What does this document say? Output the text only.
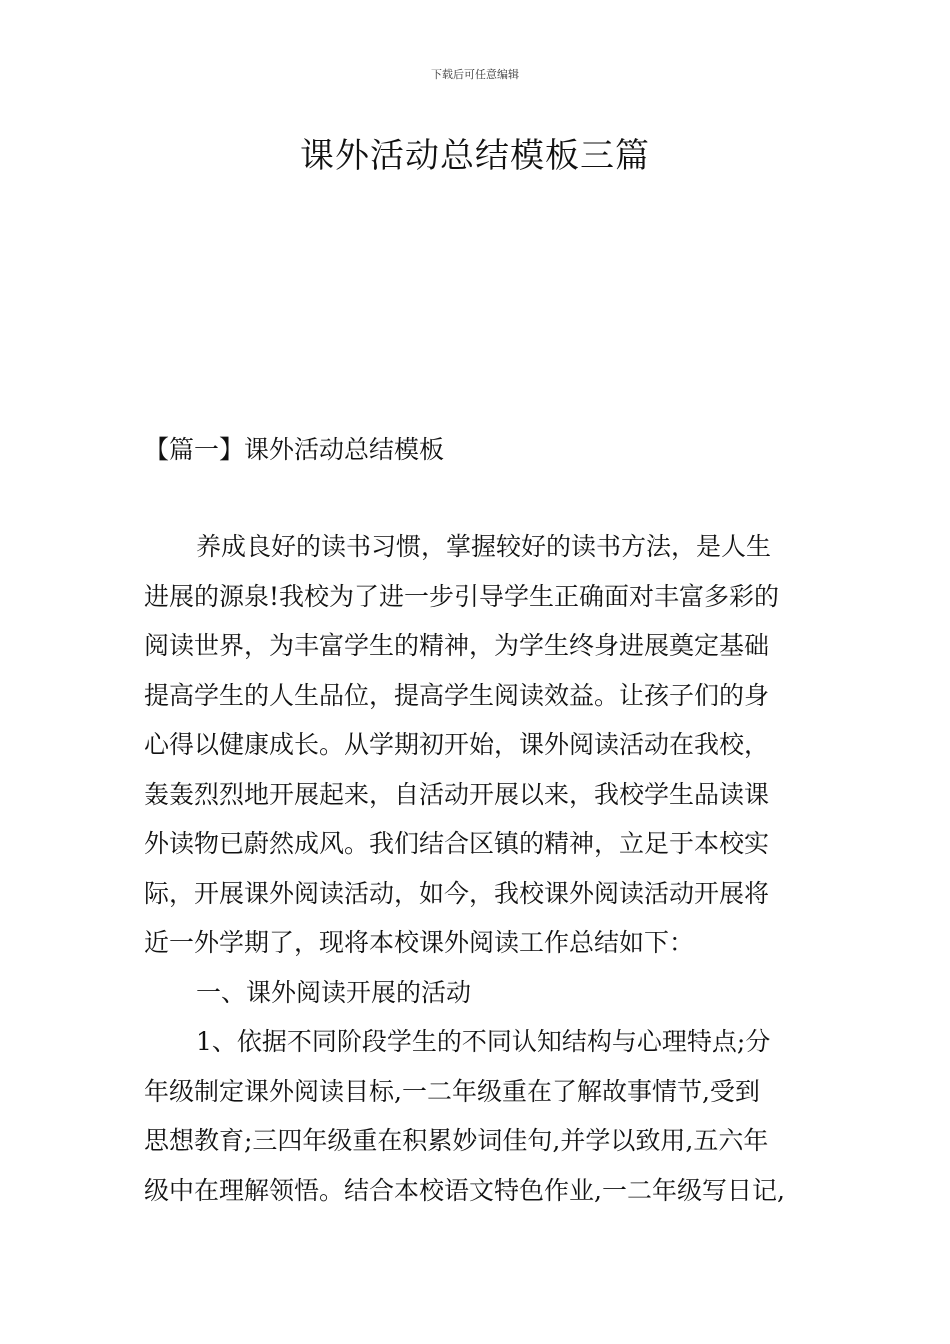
下载后可任意编辑
课外活动总结模板三篇
【篇一】课外活动总结模板
养成良好的读书习惯，掌握较好的读书方法，是人生
进展的源泉!我校为了进一步引导学生正确面对丰富多彩的
阅读世界，为丰富学生的精神，为学生终身进展奠定基础
提高学生的人生品位，提高学生阅读效益。让孩子们的身
心得以健康成长。从学期初开始，课外阅读活动在我校，
轰轰烈烈地开展起来，自活动开展以来，我校学生品读课
外读物已蔚然成风。我们结合区镇的精神，立足于本校实
际，开展课外阅读活动，如今，我校课外阅读活动开展将
近一外学期了，现将本校课外阅读工作总结如下：
一、课外阅读开展的活动
1、依据不同阶段学生的不同认知结构与心理特点;分
年级制定课外阅读目标,一二年级重在了解故事情节,受到
思想教育;三四年级重在积累妙词佳句,并学以致用,五六年
级中在理解领悟。结合本校语文特色作业,一二年级写日记,
